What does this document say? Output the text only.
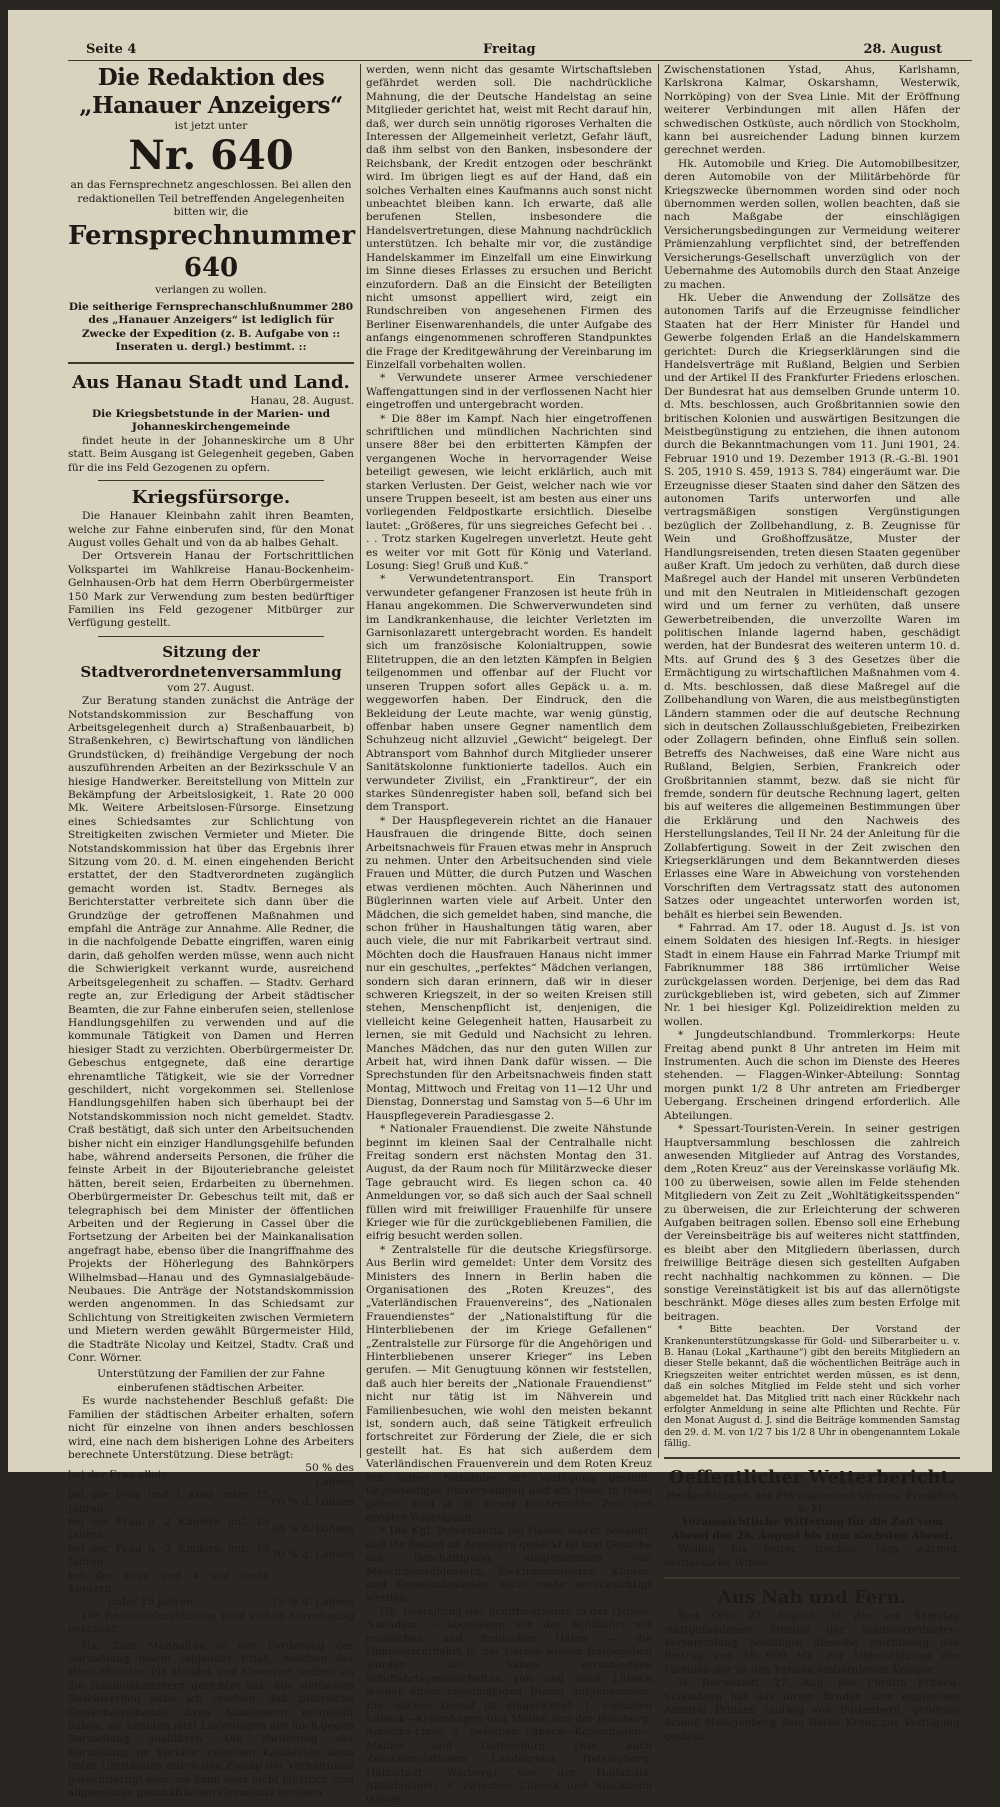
Seite 4	Freitag	28. August
Die Redaktion des „Hanauer Anzeigers“

ist jetzt unter

Nr. 640

an das Fernsprechnetz angeschlossen. Bei allen den redaktionellen Teil betreffenden Angelegenheiten bitten wir, die

Fernsprechnummer 640

verlangen zu wollen.

Die seitherige Fernsprechanschlußnummer 280 des „Hanauer Anzeigers“ ist lediglich für Zwecke der Expedition (z. B. Aufgabe von :: Inseraten u. dergl.) bestimmt. ::

Aus Hanau Stadt und Land.

Hanau, 28. August.

Die Kriegsbetstunde in der Marien- und Johanneskirchengemeinde

findet heute in der Johanneskirche um 8 Uhr statt. Beim Ausgang ist Gelegenheit gegeben, Gaben für die ins Feld Gezogenen zu opfern.

Kriegsfürsorge.

Die Hanauer Kleinbahn zahlt ihren Beamten, welche zur Fahne einberufen sind, für den Monat August volles Gehalt und von da ab halbes Gehalt.

Der Ortsverein Hanau der Fortschrittlichen Volkspartei im Wahlkreise Hanau-Bockenheim-Gelnhausen-Orb hat dem Herrn Oberbürgermeister 150 Mark zur Verwendung zum besten bedürftiger Familien ins Feld gezogener Mitbürger zur Verfügung gestellt.

Sitzung der Stadtverordnetenversammlung

vom 27. August.

Zur Beratung standen zunächst die Anträge der Notstandskommission zur Beschaffung von Arbeitsgelegenheit durch a) Straßenbauarbeit, b) Straßenkehren, c) Bewirtschaftung von ländlichen Grundstücken, d) freihändige Vergebung der noch auszuführenden Arbeiten an der Bezirksschule V an hiesige Handwerker. Bereitstellung von Mitteln zur Bekämpfung der Arbeitslosigkeit, 1. Rate 20 000 Mk. Weitere Arbeitslosen-Fürsorge. Einsetzung eines Schiedsamtes zur Schlichtung von Streitigkeiten zwischen Vermieter und Mieter. Die Notstandskommission hat über das Ergebnis ihrer Sitzung vom 20. d. M. einen eingehenden Bericht erstattet, der den Stadtverordneten zugänglich gemacht worden ist. Stadtv. Berneges als Berichterstatter verbreitete sich dann über die Grundzüge der getroffenen Maßnahmen und empfahl die Anträge zur Annahme. Alle Redner, die in die nachfolgende Debatte eingriffen, waren einig darin, daß geholfen werden müsse, wenn auch nicht die Schwierigkeit verkannt wurde, ausreichend Arbeitsgelegenheit zu schaffen. — Stadtv. Gerhard regte an, zur Erledigung der Arbeit städtischer Beamten, die zur Fahne einberufen seien, stellenlose Handlungsgehilfen zu verwenden und auf die kommunale Tätigkeit von Damen und Herren hiesiger Stadt zu verzichten. Oberbürgermeister Dr. Gebeschus entgegnete, daß eine derartige ehrenamtliche Tätigkeit, wie sie der Vorredner geschildert, nicht vorgekommen sei. Stellenlose Handlungsgehilfen haben sich überhaupt bei der Notstandskommission noch nicht gemeldet. Stadtv. Craß bestätigt, daß sich unter den Arbeitsuchenden bisher nicht ein einziger Handlungsgehilfe befunden habe, während anderseits Personen, die früher die feinste Arbeit in der Bijouteriebranche geleistet hätten, bereit seien, Erdarbeiten zu übernehmen. Oberbürgermeister Dr. Gebeschus teilt mit, daß er telegraphisch bei dem Minister der öffentlichen Arbeiten und der Regierung in Cassel über die Fortsetzung der Arbeiten bei der Mainkanalisation angefragt habe, ebenso über die Inangriffnahme des Projekts der Höherlegung des Bahnkörpers Wilhelmsbad—Hanau und des Gymnasialgebäude-Neubaues. Die Anträge der Notstandskommission werden angenommen. In das Schiedsamt zur Schlichtung von Streitigkeiten zwischen Vermietern und Mietern werden gewählt Bürgermeister Hild, die Stadträte Nicolay und Keitzel, Stadtv. Craß und Conr. Wörner.

Unterstützung der Familien der zur Fahne einberufenen städtischen Arbeiter.

Es wurde nachstehender Beschluß gefaßt: Die Familien der städtischen Arbeiter erhalten, sofern nicht für einzelne von ihnen anders beschlossen wird, eine nach dem bisherigen Lohne des Arbeiters berechnete Unterstützung. Diese beträgt:

bei der Frau allein . . . . . . .	50 % des Lohnes
bei der Frau und 1 Kind unter 15 Jahren	60 % d. Lohnes
bei der Frau u. 2 Kindern unt. 15 Jahren	65 % d. Lohnes
bei der Frau u. 3 Kindern unt. 15 Jahren	70 % d. Lohnes
bei der Frau und 4 und mehr Kindern	
unter 15 Jahren . . . . . . .	75 % d. Lohnes

Die Reichsunterstützung wird voll in Anrechnung gebracht.

Hk. Zum Maßhalten in der Forderung der Barzahlung macht folgender Erlaß, welchen der Herr Minister für Handel und Gewerbe soeben an die Handelskammern gerichtet hat: Aus vielfachen Beschwerden habe ich ersehen, daß zahlreiche Gewerbetreibende ihren Abnehmern mitgeteilt haben, sie könnten jetzt Lieferungen nur noch gegen Barzahlung ausführen. Die Forderung der Barzahlung im Verkehr zwischen Kaufleuten kann unter Umständen durch den Zwang der Verhältnisse gerechtfertigt sein; sie kann aber nicht plötzlich zum allgemeinen geschäftlichen Grundsatz erhoben

werden, wenn nicht das gesamte Wirtschaftsleben gefährdet werden soll. Die nachdrückliche Mahnung, die der Deutsche Handelstag an seine Mitglieder gerichtet hat, weist mit Recht darauf hin, daß, wer durch sein unnötig rigoroses Verhalten die Interessen der Allgemeinheit verletzt, Gefahr läuft, daß ihm selbst von den Banken, insbesondere der Reichsbank, der Kredit entzogen oder beschränkt wird. Im übrigen liegt es auf der Hand, daß ein solches Verhalten eines Kaufmanns auch sonst nicht unbeachtet bleiben kann. Ich erwarte, daß alle berufenen Stellen, insbesondere die Handelsvertretungen, diese Mahnung nachdrücklich unterstützen. Ich behalte mir vor, die zuständige Handelskammer im Einzelfall um eine Einwirkung im Sinne dieses Erlasses zu ersuchen und Bericht einzufordern. Daß an die Einsicht der Beteiligten nicht umsonst appelliert wird, zeigt ein Rundschreiben von angesehenen Firmen des Berliner Eisenwarenhandels, die unter Aufgabe des anfangs eingenommenen schrofferen Standpunktes die Frage der Kreditgewährung der Vereinbarung im Einzelfall vorbehalten wollen.

* Verwundete unserer Armee verschiedener Waffengattungen sind in der verflossenen Nacht hier eingetroffen und untergebracht worden.

* Die 88er im Kampf. Nach hier eingetroffenen schriftlichen und mündlichen Nachrichten sind unsere 88er bei den erbitterten Kämpfen der vergangenen Woche in hervorragender Weise beteiligt gewesen, wie leicht erklärlich, auch mit starken Verlusten. Der Geist, welcher nach wie vor unsere Truppen beseelt, ist am besten aus einer uns vorliegenden Feldpostkarte ersichtlich. Dieselbe lautet: „Größeres, für uns siegreiches Gefecht bei . . . . Trotz starken Kugelregen unverletzt. Heute geht es weiter vor mit Gott für König und Vaterland. Losung: Sieg! Gruß und Kuß.“

* Verwundetentransport. Ein Transport verwundeter gefangener Franzosen ist heute früh in Hanau angekommen. Die Schwerverwundeten sind im Landkrankenhause, die leichter Verletzten im Garnisonlazarett untergebracht worden. Es handelt sich um französische Kolonialtruppen, sowie Elitetruppen, die an den letzten Kämpfen in Belgien teilgenommen und offenbar auf der Flucht vor unseren Truppen sofort alles Gepäck u. a. m. weggeworfen haben. Der Eindruck, den die Bekleidung der Leute machte, war wenig günstig, offenbar haben unsere Gegner namentlich dem Schuhzeug nicht allzuviel „Gewicht“ beigelegt. Der Abtransport vom Bahnhof durch Mitglieder unserer Sanitätskolonne funktionierte tadellos. Auch ein verwundeter Zivilist, ein „Franktireur“, der ein starkes Sündenregister haben soll, befand sich bei dem Transport.

* Der Hauspflegeverein richtet an die Hanauer Hausfrauen die dringende Bitte, doch seinen Arbeitsnachweis für Frauen etwas mehr in Anspruch zu nehmen. Unter den Arbeitsuchenden sind viele Frauen und Mütter, die durch Putzen und Waschen etwas verdienen möchten. Auch Näherinnen und Büglerinnen warten viele auf Arbeit. Unter den Mädchen, die sich gemeldet haben, sind manche, die schon früher in Haushaltungen tätig waren, aber auch viele, die nur mit Fabrikarbeit vertraut sind. Möchten doch die Hausfrauen Hanaus nicht immer nur ein geschultes, „perfektes“ Mädchen verlangen, sondern sich daran erinnern, daß wir in dieser schweren Kriegszeit, in der so weiten Kreisen still stehen, Menschenpflicht ist, denjenigen, die vielleicht keine Gelegenheit hatten, Hausarbeit zu lernen, sie mit Geduld und Nachsicht zu lehren. Manches Mädchen, das nur den guten Willen zur Arbeit hat, wird ihnen Dank dafür wissen. — Die Sprechstunden für den Arbeitsnachweis finden statt Montag, Mittwoch und Freitag von 11—12 Uhr und Dienstag, Donnerstag und Samstag von 5—6 Uhr im Hauspflegeverein Paradiesgasse 2.

* Nationaler Frauendienst. Die zweite Nähstunde beginnt im kleinen Saal der Centralhalle nicht Freitag sondern erst nächsten Montag den 31. August, da der Raum noch für Militärzwecke dieser Tage gebraucht wird. Es liegen schon ca. 40 Anmeldungen vor, so daß sich auch der Saal schnell füllen wird mit freiwilliger Frauenhilfe für unsere Krieger wie für die zurückgebliebenen Familien, die eifrig besucht werden sollen.

* Zentralstelle für die deutsche Kriegsfürsorge. Aus Berlin wird gemeldet: Unter dem Vorsitz des Ministers des Innern in Berlin haben die Organisationen des „Roten Kreuzes“, des „Vaterländischen Frauenvereins“, des „Nationalen Frauendienstes“ der „Nationalstiftung für die Hinterbliebenen der im Kriege Gefallenen“ „Zentralstelle zur Fürsorge für die Angehörigen und Hinterbliebenen unserer Krieger“ ins Leben gerufen. — Mit Genugtuung können wir feststellen, daß auch hier bereits der „Nationale Frauendienst“ nicht nur tätig ist im Nähverein und Familienbesuchen, wie wohl den meisten bekannt ist, sondern auch, daß seine Tätigkeit erfreulich fortschreitet zur Förderung der Ziele, die er sich gestellt hat. Es hat sich außerdem dem Vaterländischen Frauenverein und dem Roten Kreuz mit seiner Nähstube zur Verfügung gestellt. Gegenseitiges Einvernehmen und ein Hand in Hand gehen, sind ja in dieser hochernsten Zeit von größter Wichtigkeit.

* Die Kgl. Pulverfabrik bei Hanau macht bekannt, daß ihr Bedarf an Arbeitern gedeckt ist und Gesuche um Beschäftigung, ausgenommen von Maschinenschlossern, Elektromonteuren, Kupfer- und Kesselschmieden, nicht mehr berücksichtigt werden.

Hk. Gestaltung des Schiffsverkehrs in der Ostsee. Nachdem — abgesehen von der Schiffahrt mit russischen und finnischen Häfen — die Handelsschiffahrt in der Ostsee wieder freigegeben worden ist, haben verschiedene Schiffahrtsgesellschaften von und nach Lübeck wieder einen regelmäßigen Dienst aufgenommen. Ein solcher Dienst ist eingerichtet: 1. zwischen Lübeck—Kopenhagen und Malmö von der Hamburg-Amerika-Linie; 2. zwischen Lübeck—Kopenhagen—Malmö und Gothenburg (wie auch Zwischenstationen Landskrona, Helsingborg, Halmstadt, Warberg) von der Hollandia-Aktiebolaget; 3. zwischen Lübeck und Stockholm (sowie

Zwischenstationen Ystad, Ahus, Karlshamn, Karlskrona Kalmar, Oskarshamn, Westerwik, Norrköping) von der Svea Linie. Mit der Eröffnung weiterer Verbindungen mit allen Häfen der schwedischen Ostküste, auch nördlich von Stockholm, kann bei ausreichender Ladung binnen kurzem gerechnet werden.

Hk. Automobile und Krieg. Die Automobilbesitzer, deren Automobile von der Militärbehörde für Kriegszwecke übernommen worden sind oder noch übernommen werden sollen, wollen beachten, daß sie nach Maßgabe der einschlägigen Versicherungsbedingungen zur Vermeidung weiterer Prämienzahlung verpflichtet sind, der betreffenden Versicherungs-Gesellschaft unverzüglich von der Uebernahme des Automobils durch den Staat Anzeige zu machen.

Hk. Ueber die Anwendung der Zollsätze des autonomen Tarifs auf die Erzeugnisse feindlicher Staaten hat der Herr Minister für Handel und Gewerbe folgenden Erlaß an die Handelskammern gerichtet: Durch die Kriegserklärungen sind die Handelsverträge mit Rußland, Belgien und Serbien und der Artikel II des Frankfurter Friedens erloschen. Der Bundesrat hat aus demselben Grunde unterm 10. d. Mts. beschlossen, auch Großbritannien sowie den britischen Kolonien und auswärtigen Besitzungen die Meistbegünstigung zu entziehen, die ihnen autonom durch die Bekanntmachungen vom 11. Juni 1901, 24. Februar 1910 und 19. Dezember 1913 (R.-G.-Bl. 1901 S. 205, 1910 S. 459, 1913 S. 784) eingeräumt war. Die Erzeugnisse dieser Staaten sind daher den Sätzen des autonomen Tarifs unterworfen und alle vertragsmäßigen sonstigen Vergünstigungen bezüglich der Zollbehandlung, z. B. Zeugnisse für Wein und Großhoffzusätze, Muster der Handlungsreisenden, treten diesen Staaten gegenüber außer Kraft. Um jedoch zu verhüten, daß durch diese Maßregel auch der Handel mit unseren Verbündeten und mit den Neutralen in Mitleidenschaft gezogen wird und um ferner zu verhüten, daß unsere Gewerbetreibenden, die unverzollte Waren im politischen Inlande lagernd haben, geschädigt werden, hat der Bundesrat des weiteren unterm 10. d. Mts. auf Grund des § 3 des Gesetzes über die Ermächtigung zu wirtschaftlichen Maßnahmen vom 4. d. Mts. beschlossen, daß diese Maßregel auf die Zollbehandlung von Waren, die aus meistbegünstigten Ländern stammen oder die auf deutsche Rechnung sich in deutschen Zollausschlußgebieten, Freibezirken oder Zollagern befinden, ohne Einfluß sein sollen. Betreffs des Nachweises, daß eine Ware nicht aus Rußland, Belgien, Serbien, Frankreich oder Großbritannien stammt, bezw. daß sie nicht für fremde, sondern für deutsche Rechnung lagert, gelten bis auf weiteres die allgemeinen Bestimmungen über die Erklärung und den Nachweis des Herstellungslandes, Teil II Nr. 24 der Anleitung für die Zollabfertigung. Soweit in der Zeit zwischen den Kriegserklärungen und dem Bekanntwerden dieses Erlasses eine Ware in Abweichung von vorstehenden Vorschriften dem Vertragssatz statt des autonomen Satzes oder ungeachtet unterworfen worden ist, behält es hierbei sein Bewenden.

* Fahrrad. Am 17. oder 18. August d. Js. ist von einem Soldaten des hiesigen Inf.-Regts. in hiesiger Stadt in einem Hause ein Fahrrad Marke Triumpf mit Fabriknummer 188 386 irrtümlicher Weise zurückgelassen worden. Derjenige, bei dem das Rad zurückgeblieben ist, wird gebeten, sich auf Zimmer Nr. 1 bei hiesiger Kgl. Polizeidirektion melden zu wollen.

* Jungdeutschlandbund. Trommlerkorps: Heute Freitag abend punkt 8 Uhr antreten im Heim mit Instrumenten. Auch die schon im Dienste des Heeres stehenden. — Flaggen-Winker-Abteilung: Sonntag morgen punkt 1/2 8 Uhr antreten am Friedberger Uebergang. Erscheinen dringend erforderlich. Alle Abteilungen.

* Spessart-Touristen-Verein. In seiner gestrigen Hauptversammlung beschlossen die zahlreich anwesenden Mitglieder auf Antrag des Vorstandes, dem „Roten Kreuz“ aus der Vereinskasse vorläufig Mk. 100 zu überweisen, sowie allen im Felde stehenden Mitgliedern von Zeit zu Zeit „Wohltätigkeitsspenden“ zu überweisen, die zur Erleichterung der schweren Aufgaben beitragen sollen. Ebenso soll eine Erhebung der Vereinsbeiträge bis auf weiteres nicht stattfinden, es bleibt aber den Mitgliedern überlassen, durch freiwillige Beiträge diesen sich gestellten Aufgaben recht nachhaltig nachkommen zu können. — Die sonstige Vereinstätigkeit ist bis auf das allernötigste beschränkt. Möge dieses alles zum besten Erfolge mit beitragen.

* Bitte beachten. Der Vorstand der Krankenunterstützungskasse für Gold- und Silberarbeiter u. v. B. Hanau (Lokal „Karthaune“) gibt den bereits Mitgliedern an dieser Stelle bekannt, daß die wöchentlichen Beiträge auch in Kriegszeiten weiter entrichtet werden müssen, es ist denn, daß ein solches Mitglied im Felde steht und sich vorher abgemeldet hat. Das Mitglied tritt nach einer Rückkehr nach erfolgter Anmeldung in seine alte Pflichten und Rechte. Für den Monat August d. J. sind die Beiträge kommenden Samstag den 29. d. M. von 1/2 7 bis 1/2 8 Uhr in obengenanntem Lokale fällig.

Oeffentlicher Wetterbericht.

Beobachtungen des Physikalischen Vereins, Frankfurt a. M.

Voraussichtliche Witterung für die Zeit vom Abend des 28. August bis zum nächsten Abend.

Wolkig bis heiter, trocken, tags wärmer, nordöstliche Winde.

Aus Nah und Fern.

Bad Orb, 27. August. In der am Samstag stattgefundenen Sitzung der Stadtverordneten-Versammlung bewilligte dieselbe einstimmig den Beitrag von 10 000 Mk. zur Unterstützung der Familien der zu den Fahnen einberufenen Krieger.

W. Darmstadt, 27. Aug. Die Fürstin Erbach-Schönberg hat das ihrem Bruder, dem englischen Admiral Prinzen Ludwig von Battenberg, gehörige Schloß Heiligenberg dem Roten Kreuz zur Verfügung gestellt.
